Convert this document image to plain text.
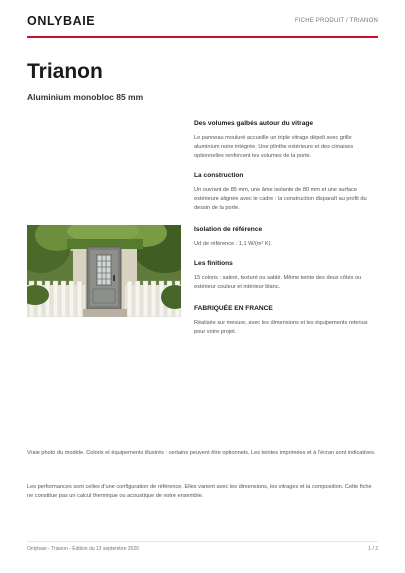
ONLYBAIE	FICHE PRODUIT / TRIANON
Trianon
Aluminium monobloc 85 mm

Des volumes galbés autour du vitrage

Le panneau mouluré accueille un triple vitrage dépoli avec grille aluminium noire intégrée. Une plinthe extérieure et des cimaises optionnelles renforcent les volumes de la porte.

La construction

Un ouvrant de 85 mm, une âme isolante de 80 mm et une surface extérieure alignée avec le cadre : la construction disparaît au profit du dessin de la porte.

Isolation de référence

Ud de référence : 1,1 W/(m² K).

Les finitions

15 coloris : satiné, texturé ou sablé. Même teinte des deux côtés ou extérieur couleur et intérieur blanc.

FABRIQUÉE EN FRANCE

Réalisée sur mesure, avec les dimensions et les équipements retenus pour votre projet.

Vraie photo du modèle. Coloris et équipements illustrés : certains peuvent être optionnels. Les teintes imprimées et à l'écran sont indicatives.
Les performances sont celles d'une configuration de référence. Elles varient avec les dimensions, les vitrages et la composition. Cette fiche ne constitue pas un calcul thermique ou acoustique de votre ensemble.
Onlybaie - Trianon - Édition du 13 septembre 2026	1 / 2
